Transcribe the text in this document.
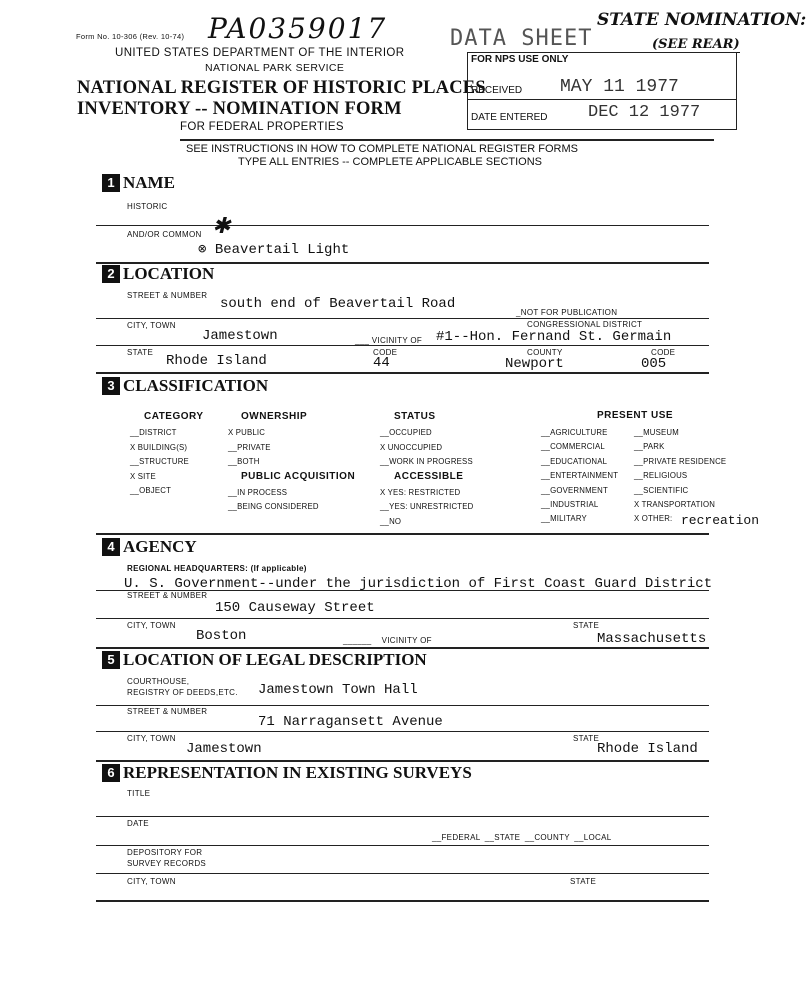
Form No. 10-306 (Rev. 10-74) PA0359017	STATE NOMINATION:
(SEE REAR)
DATA SHEET
UNITED STATES DEPARTMENT OF THE INTERIOR
NATIONAL PARK SERVICE
NATIONAL REGISTER OF HISTORIC PLACES
INVENTORY -- NOMINATION FORM
FOR FEDERAL PROPERTIES
FOR NPS USE ONLY
RECEIVED MAY 11 1977
DATE ENTERED DEC 12 1977
SEE INSTRUCTIONS IN HOW TO COMPLETE NATIONAL REGISTER FORMS
TYPE ALL ENTRIES -- COMPLETE APPLICABLE SECTIONS
1 NAME
HISTORIC
AND/OR COMMON ✱
⊗ Beavertail Light
2 LOCATION
STREET & NUMBER
south end of Beavertail Road
_NOT FOR PUBLICATION
CITY, TOWN
Jamestown	___ VICINITY OF
CONGRESSIONAL DISTRICT
#1--Hon. Fernand St. Germain
STATE
Rhode Island
CODE
44
COUNTY
Newport
CODE
005
3 CLASSIFICATION
CATEGORY
__DISTRICT
X BUILDING(S)
__STRUCTURE
X SITE
__OBJECT
OWNERSHIP
X PUBLIC
__PRIVATE
__BOTH
PUBLIC ACQUISITION
__IN PROCESS
__BEING CONSIDERED
STATUS
__OCCUPIED
X UNOCCUPIED
__WORK IN PROGRESS
ACCESSIBLE
X YES: RESTRICTED
__YES: UNRESTRICTED
__NO
PRESENT USE
__AGRICULTURE
__COMMERCIAL
__EDUCATIONAL
__ENTERTAINMENT
__GOVERNMENT
__INDUSTRIAL
__MILITARY
__MUSEUM
__PARK
__PRIVATE RESIDENCE
__RELIGIOUS
__SCIENTIFIC
X TRANSPORTATION
X OTHER: recreation
4 AGENCY
REGIONAL HEADQUARTERS: (If applicable)
U. S. Government--under the jurisdiction of First Coast Guard District
STREET & NUMBER
150 Causeway Street
CITY, TOWN
Boston	______    VICINITY OF
STATE
Massachusetts
5 LOCATION OF LEGAL DESCRIPTION
COURTHOUSE,
REGISTRY OF DEEDS,ETC. Jamestown Town Hall
STREET & NUMBER
71 Narragansett Avenue
CITY, TOWN
Jamestown
STATE
Rhode Island
6 REPRESENTATION IN EXISTING SURVEYS
TITLE
DATE
__FEDERAL __STATE __COUNTY __LOCAL
DEPOSITORY FOR
SURVEY RECORDS
CITY, TOWN	STATE
